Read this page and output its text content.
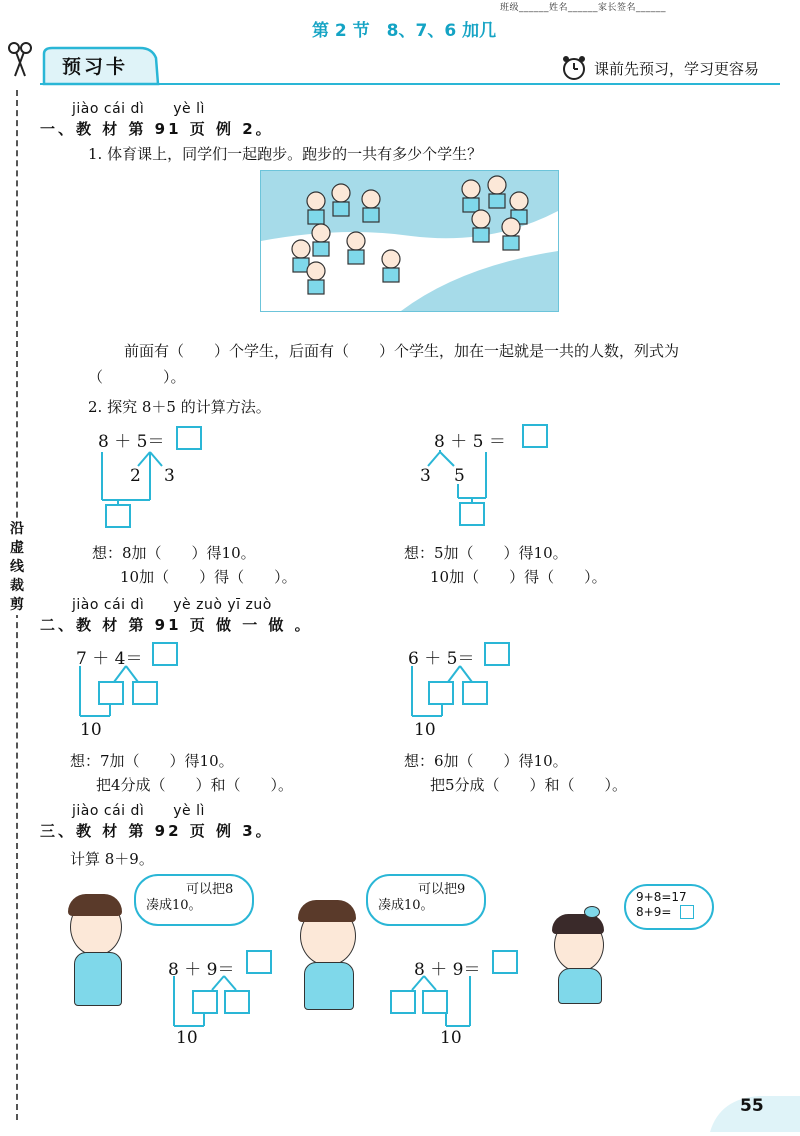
班级______姓名______家长签名______
第 2 节　8、7、6 加几
沿虚线裁剪
预习卡	课前先预习，学习更容易
jiào cái dì　　yè lì
一、教 材 第 91 页 例 2。
1. 体育课上，同学们一起跑步。跑步的一共有多少个学生？
前面有（　　）个学生，后面有（　　）个学生，加在一起就是一共的人数，列式为
（　　　　）。
2. 探究 8＋5 的计算方法。
8 ＋ 5＝
2 3
想：8加（　　）得10。
10加（　　）得（　　）。
8 ＋ 5 ＝
3 5
想：5加（　　）得10。
10加（　　）得（　　）。
jiào cái dì　　yè zuò yī zuò
二、教 材 第 91 页 做 一 做 。
7 ＋ 4＝
10
想：7加（　　）得10。
把4分成（　　）和（　　）。
6 ＋ 5＝
10
想：6加（　　）得10。
把5分成（　　）和（　　）。
jiào cái dì　　yè lì
三、教 材 第 92 页 例 3。
计算 8＋9。
可以把8
凑成10。
可以把9
凑成10。
9+8=17
8+9=
8 ＋ 9＝
10
8 ＋ 9＝
10
55
